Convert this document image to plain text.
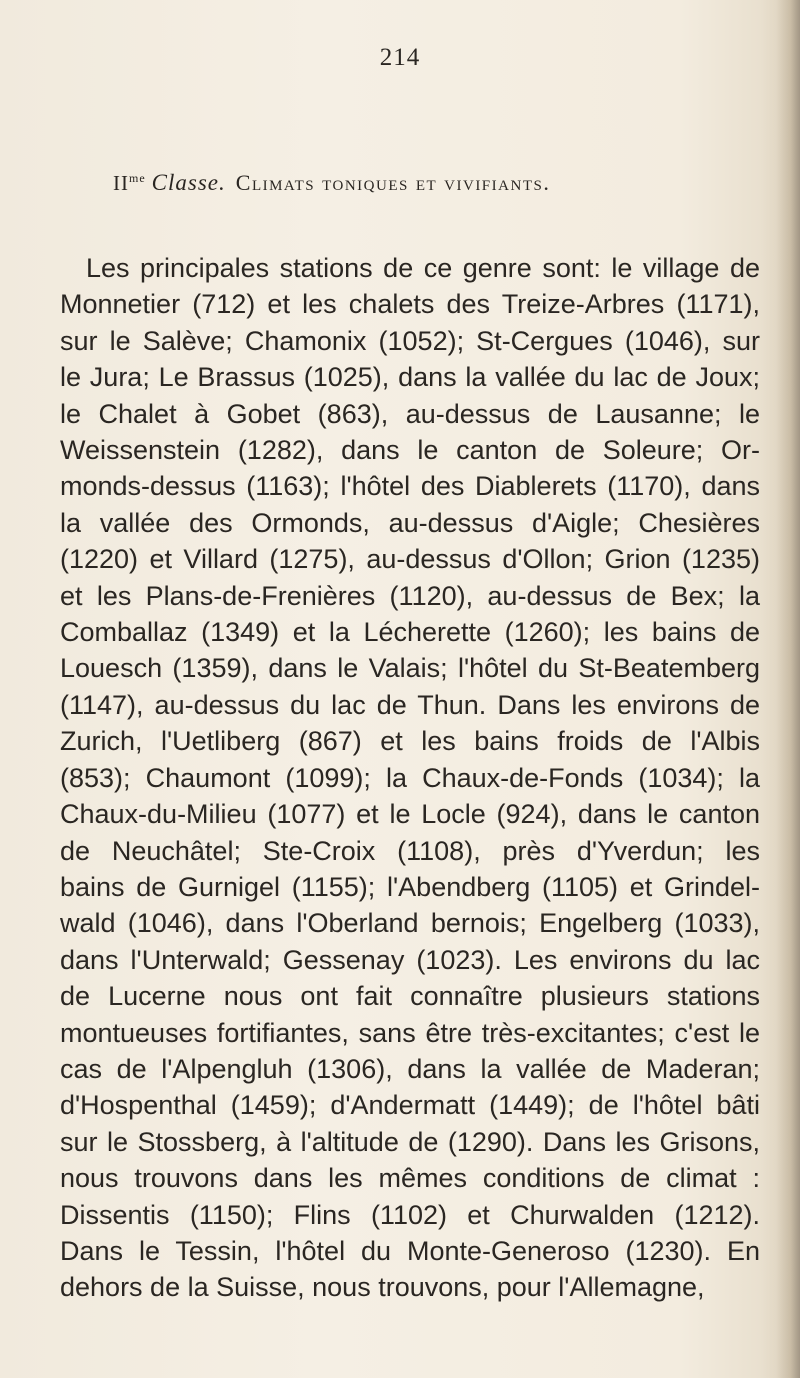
214
$II^{me}$ Classe. Climats toniques et vivifiants.
Les principales stations de ce genre sont: le village de
Monnetier (712) et les chalets des Treize-Arbres (1171),
sur le Salève; Chamonix (1052); St-Cergues (1046), sur
le Jura; Le Brassus (1025), dans la vallée du lac de Joux;
le Chalet à Gobet (863), au-dessus de Lausanne; le
Weissenstein (1282), dans le canton de Soleure; Or-
monds-dessus (1163); l'hôtel des Diablerets (1170), dans
la vallée des Ormonds, au-dessus d'Aigle; Chesières
(1220) et Villard (1275), au-dessus d'Ollon; Grion (1235)
et les Plans-de-Frenières (1120), au-dessus de Bex; la
Comballaz (1349) et la Lécherette (1260); les bains de
Louesch (1359), dans le Valais; l'hôtel du St-Beatemberg
(1147), au-dessus du lac de Thun. Dans les environs de
Zurich, l'Uetliberg (867) et les bains froids de l'Albis
(853); Chaumont (1099); la Chaux-de-Fonds (1034); la
Chaux-du-Milieu (1077) et le Locle (924), dans le canton
de Neuchâtel; Ste-Croix (1108), près d'Yverdun; les
bains de Gurnigel (1155); l'Abendberg (1105) et Grindel-
wald (1046), dans l'Oberland bernois; Engelberg (1033),
dans l'Unterwald; Gessenay (1023). Les environs du lac
de Lucerne nous ont fait connaître plusieurs stations
montueuses fortifiantes, sans être très-excitantes; c'est le
cas de l'Alpengluh (1306), dans la vallée de Maderan;
d'Hospenthal (1459); d'Andermatt (1449); de l'hôtel bâti
sur le Stossberg, à l'altitude de (1290). Dans les Grisons,
nous trouvons dans les mêmes conditions de climat :
Dissentis (1150); Flins (1102) et Churwalden (1212).
Dans le Tessin, l'hôtel du Monte-Generoso (1230). En
dehors de la Suisse, nous trouvons, pour l'Allemagne,
